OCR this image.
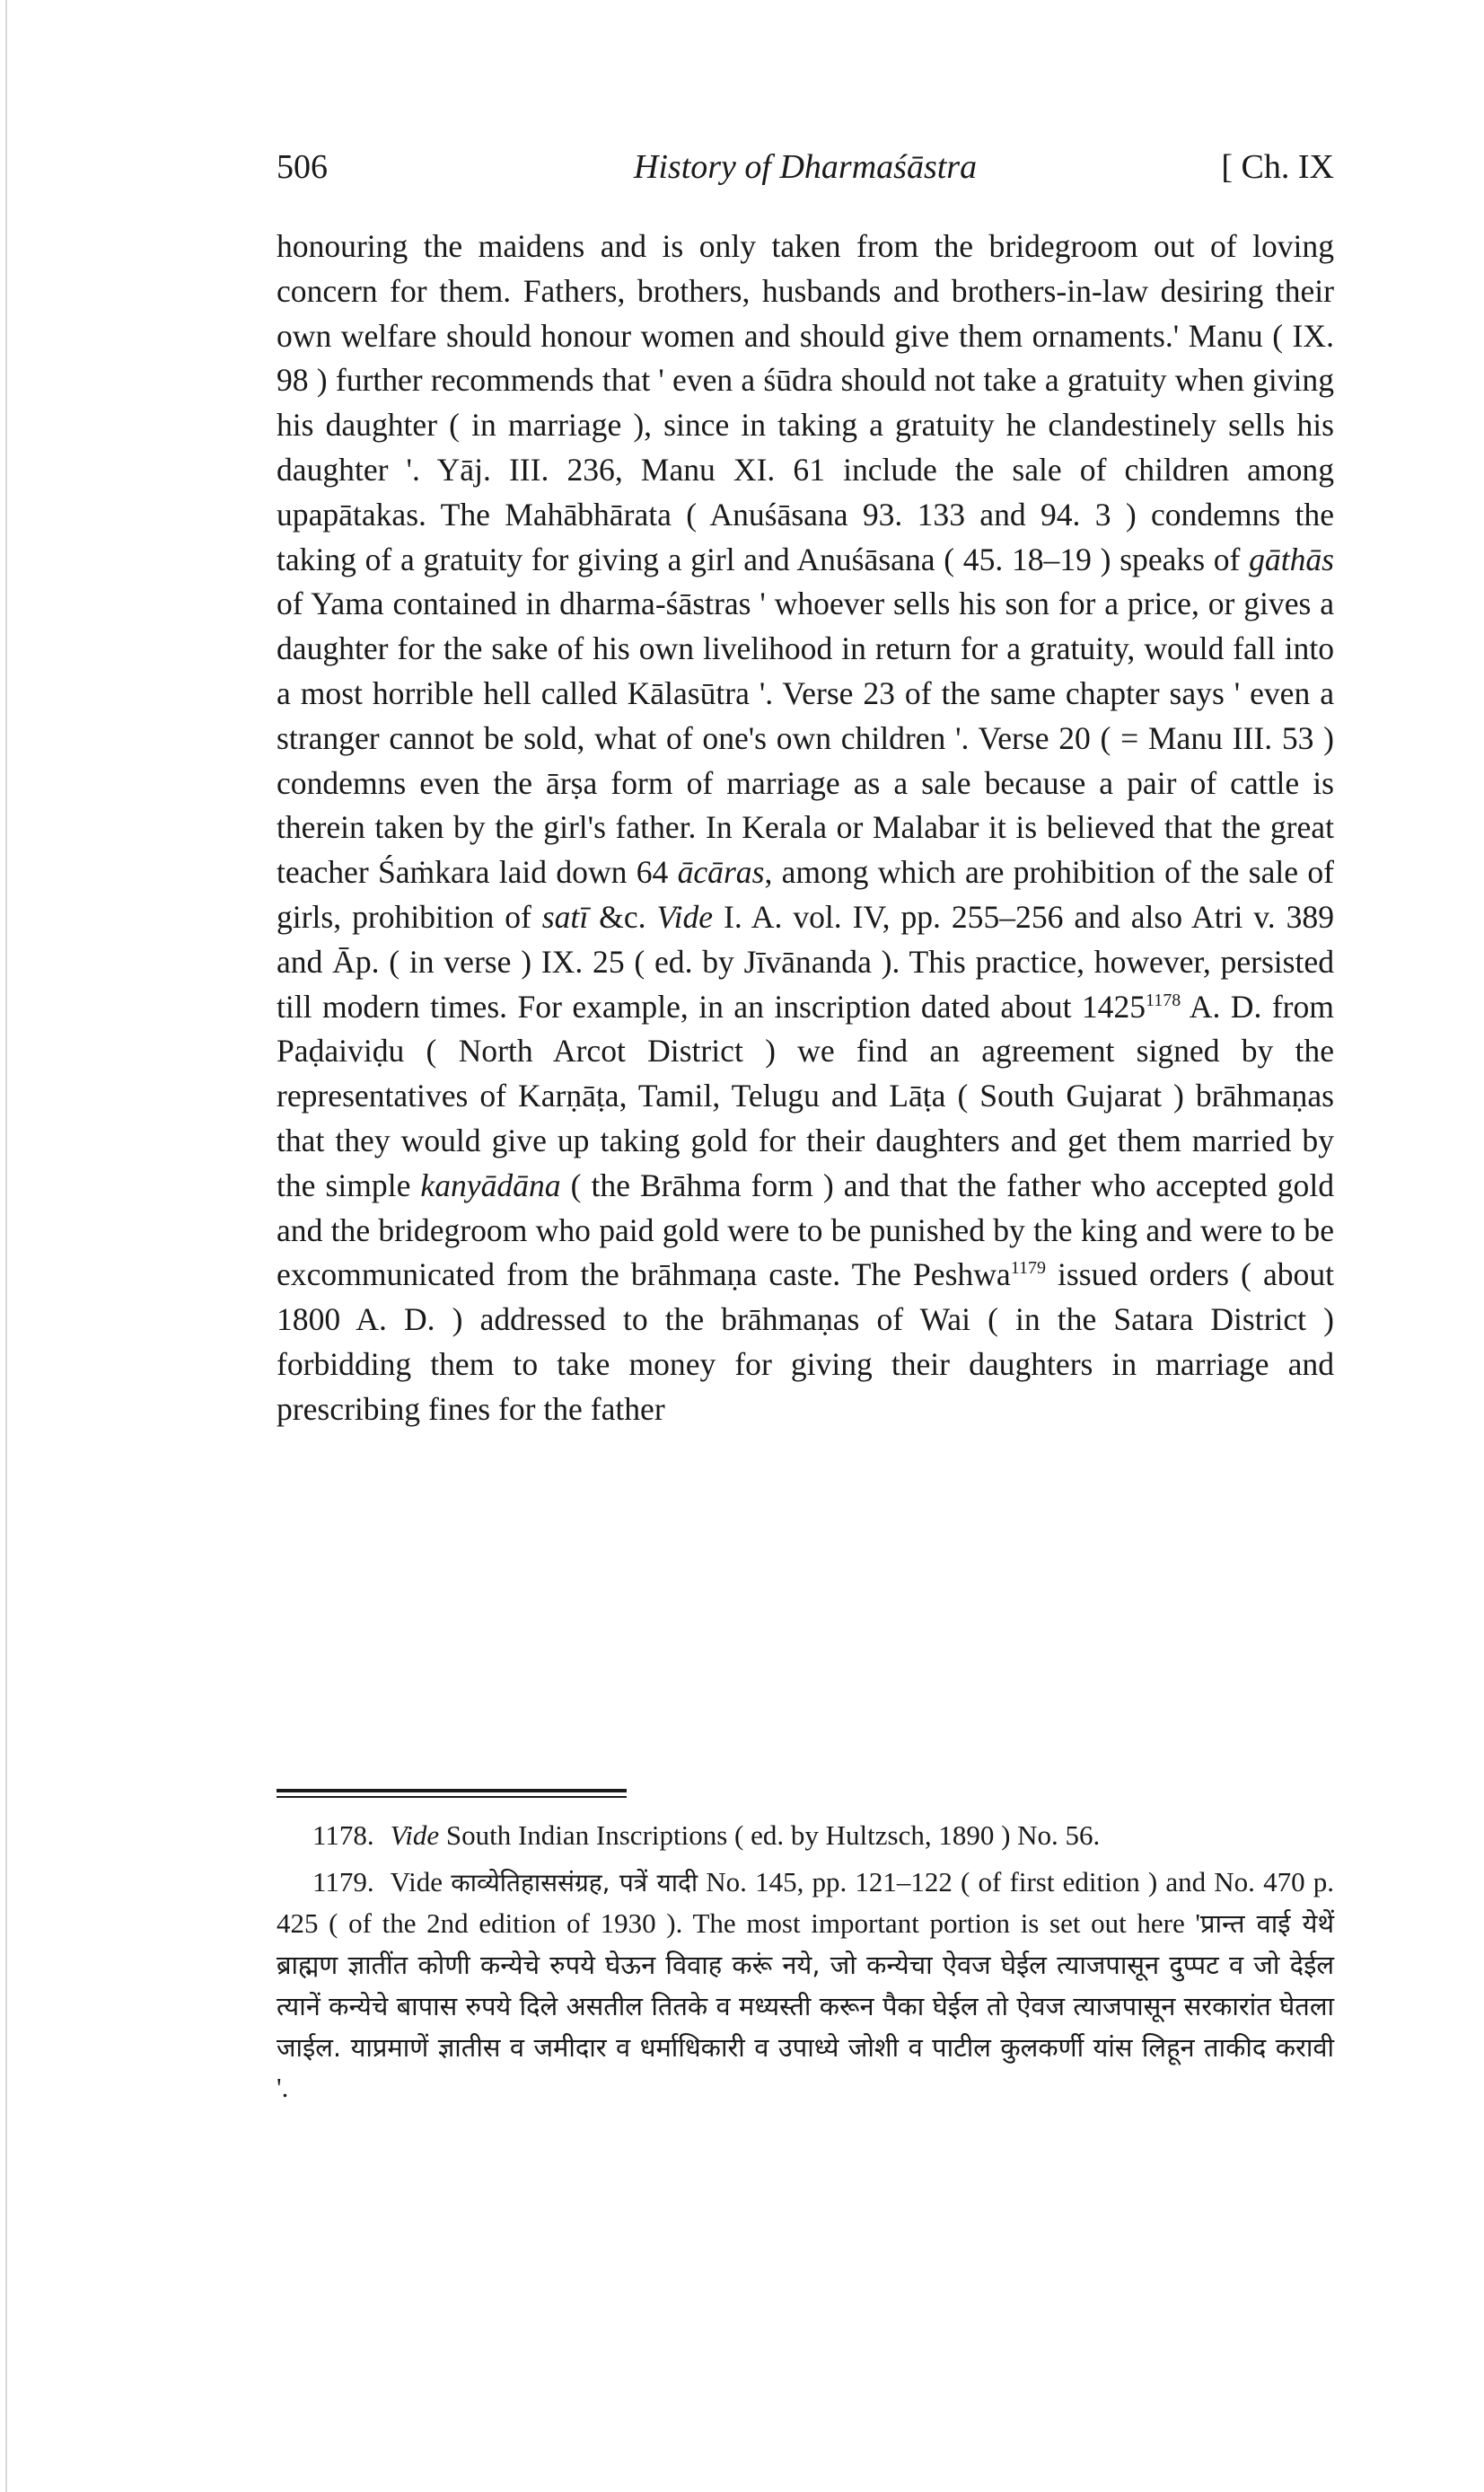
506	History of Dharmaśāstra	[ Ch. IX

honouring the maidens and is only taken from the bridegroom out of loving concern for them. Fathers, brothers, husbands and brothers-in-law desiring their own welfare should honour women and should give them ornaments.' Manu ( IX. 98 ) further recommends that ' even a śūdra should not take a gratuity when giving his daughter ( in marriage ), since in taking a gratuity he clandestinely sells his daughter '. Yāj. III. 236, Manu XI. 61 include the sale of children among upapātakas. The Mahābhārata ( Anuśāsana 93. 133 and 94. 3 ) condemns the taking of a gratuity for giving a girl and Anuśāsana ( 45. 18–19 ) speaks of gāthās of Yama contained in dharma-śāstras ' whoever sells his son for a price, or gives a daughter for the sake of his own livelihood in return for a gratuity, would fall into a most horrible hell called Kālasūtra '. Verse 23 of the same chapter says ' even a stranger cannot be sold, what of one's own children '. Verse 20 ( = Manu III. 53 ) condemns even the ārṣa form of marriage as a sale because a pair of cattle is therein taken by the girl's father. In Kerala or Malabar it is believed that the great teacher Śaṁkara laid down 64 ācāras, among which are prohibition of the sale of girls, prohibition of satī &c. Vide I. A. vol. IV, pp. 255–256 and also Atri v. 389 and Āp. ( in verse ) IX. 25 ( ed. by Jīvānanda ). This practice, however, persisted till modern times. For example, in an inscription dated about $1425^{1178}$ A. D. from Paḍaiviḍu ( North Arcot District ) we find an agreement signed by the representatives of Karṇāṭa, Tamil, Telugu and Lāṭa ( South Gujarat ) brāhmaṇas that they would give up taking gold for their daughters and get them married by the simple kanyādāna ( the Brāhma form ) and that the father who accepted gold and the bridegroom who paid gold were to be punished by the king and were to be excommunicated from the brāhmaṇa caste. The Peshwa$^{1179}$ issued orders ( about 1800 A. D. ) addressed to the brāhmaṇas of Wai ( in the Satara District ) forbidding them to take money for giving their daughters in marriage and prescribing fines for the father

1178. Vide South Indian Inscriptions ( ed. by Hultzsch, 1890 ) No. 56.

1179. Vide काव्येतिहाससंग्रह, पत्रें यादी No. 145, pp. 121–122 ( of first edition ) and No. 470 p. 425 ( of the 2nd edition of 1930 ). The most important portion is set out here 'प्रान्त वाई येथें ब्राह्मण ज्ञातींत कोणी कन्येचे रुपये घेऊन विवाह करूं नये, जो कन्येचा ऐवज घेईल त्याजपासून दुप्पट व जो देईल त्यानें कन्येचे बापास रुपये दिले असतील तितके व मध्यस्ती करून पैका घेईल तो ऐवज त्याजपासून सरकारांत घेतला जाईल. याप्रमाणें ज्ञातीस व जमीदार व धर्माधिकारी व उपाध्ये जोशी व पाटील कुलकर्णी यांस लिहून ताकीद करावी '.
